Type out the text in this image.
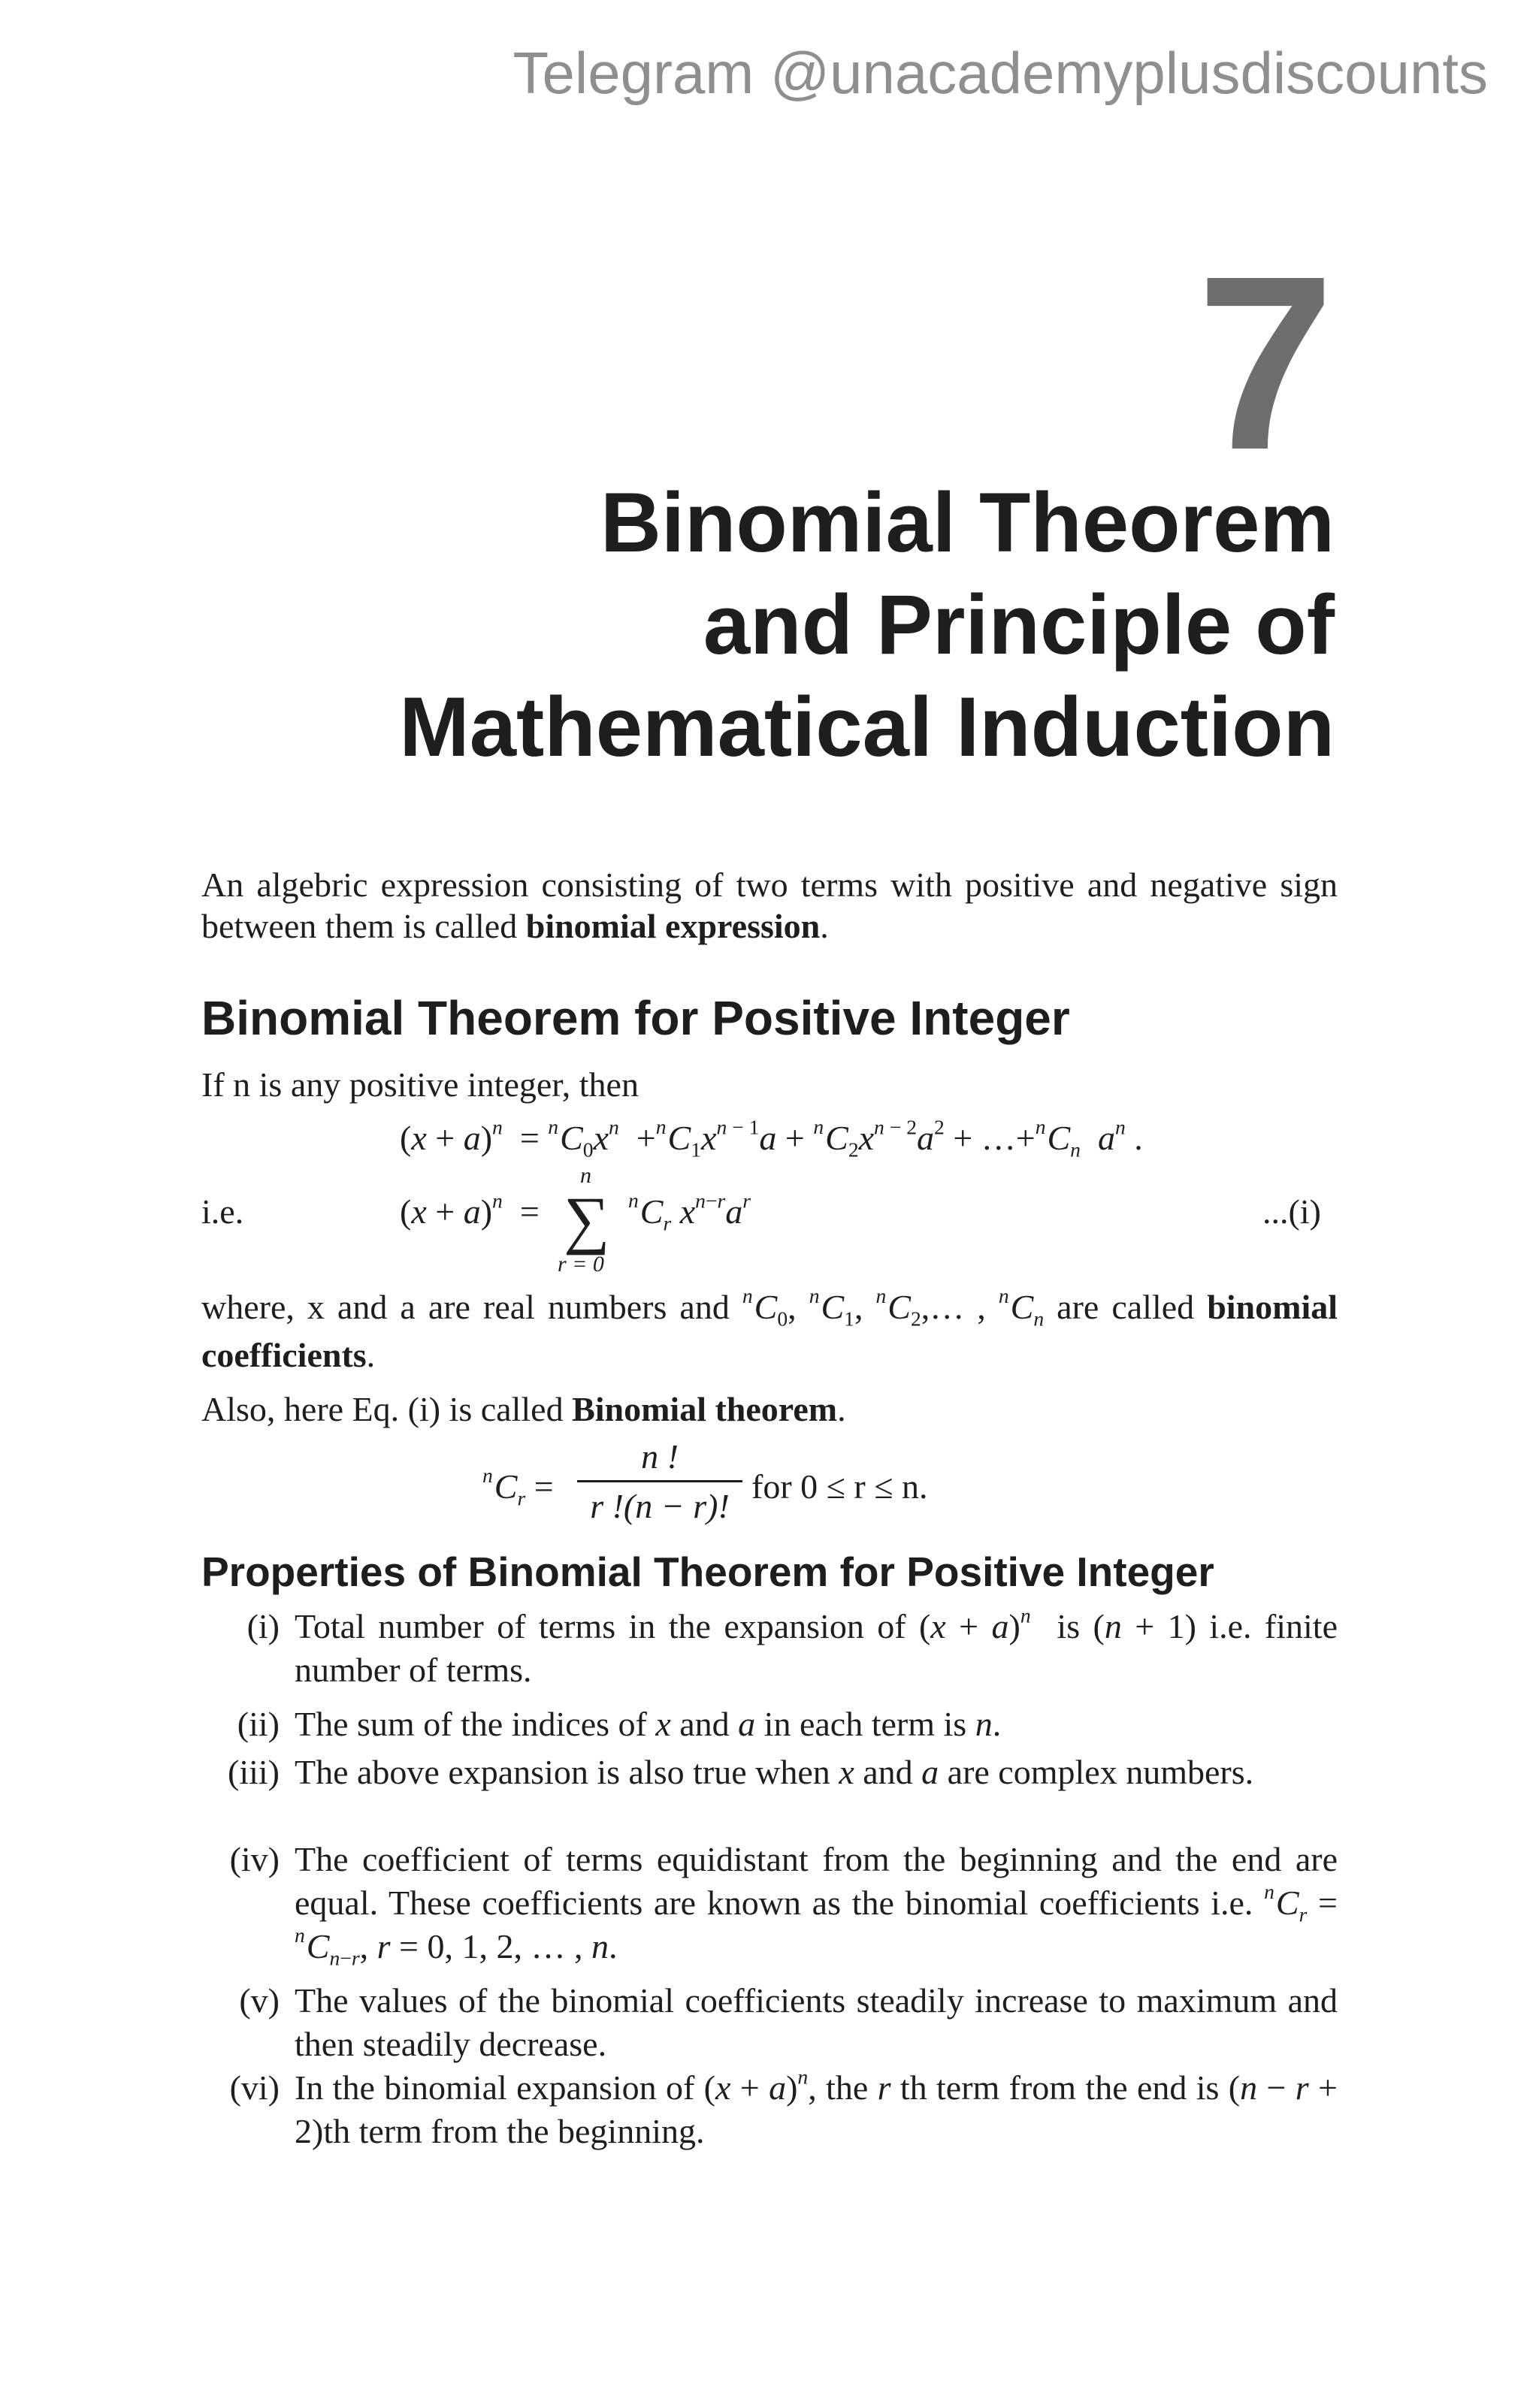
Telegram @unacademyplusdiscounts
7
Binomial Theorem
and Principle of
Mathematical Induction
An algebric expression consisting of two terms with positive and negative sign between them is called binomial expression.
Binomial Theorem for Positive Integer
If n is any positive integer, then
$(x + a)^n = ^nC_0x^n +^nC_1x^{n - 1}a + ^nC_2x^{n - 2}a^2$ + $\dots+^nC_n$ $a^n$ .
i.e.	$(x + a)^n$  =
n
∑
r = 0
$^nC_r$ $x^{n-r}a^r$	...(i)
where, x and a are real numbers and $^nC_0$, $^nC_1$, $^nC_2,\dots$ , $^nC_n$ are called binomial coefficients.
Also, here Eq. (i) is called Binomial theorem.
$^nC_r$ =
n !
r !(n − r)!
for 0 ≤ r ≤ n.
Properties of Binomial Theorem for Positive Integer
(i) Total number of terms in the expansion of $(x + a)^n$  is (n + 1) i.e. finite number of terms.
(ii) The sum of the indices of x and a in each term is n.
(iii) The above expansion is also true when x and a are complex numbers.
(iv) The coefficient of terms equidistant from the beginning and the end are equal. These coefficients are known as the binomial coefficients i.e. $^nC_r = ^nC_{n-r}$, r = 0, 1, 2, … , n.
(v) The values of the binomial coefficients steadily increase to maximum and then steadily decrease.
(vi) In the binomial expansion of $(x + a)^n$, the r th term from the end is (n − r + 2)th term from the beginning.
